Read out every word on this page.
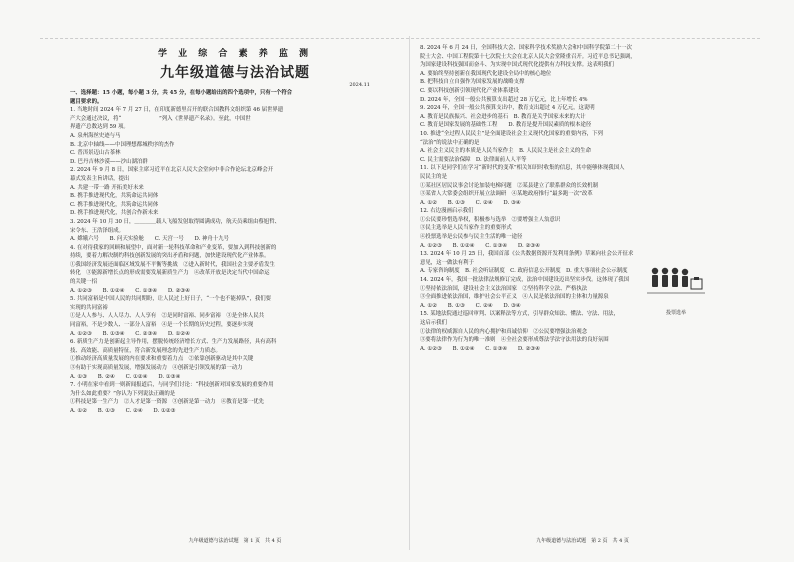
学 业 综 合 素 养 监 测
九年级道德与法治试题
2024.11
一、选择题：15 小题，每小题 3 分，共 45 分，在每小题给出的四个选项中，只有一个符合
题目要求的。
1. 当地时间 2024 年 7 月 27 日，在印度新德里召开的联合国教科文组织第 46 届世界遗
产大会通过决议，将“　　　　　　　”列入《世界遗产名录》。至此，中国世
界遗产总数达到 59 项。
A. 泉州海丝史迹与马
B. 北京中轴线——中国理想都城秩序的杰作
C. 普洱景迈山古茶林
D. 巴丹吉林沙漠——沙山湖泊群
2. 2024 年 9 月 8 日，国家主席习近平在北京人民大会堂向中非合作论坛北京峰会开
幕式发表主旨讲话，提出
A. 共建一带一路 开拓美好未来
B. 携手推进现代化，共筑命运共同体
C. 携手推进现代化，共筑命运共同体
D. 携手推进现代化，共创合作新未来
3. 2024 年 10 月 30 日，＿＿＿＿载人飞船发射取得圆满成功，航天员乘组由蔡旭哲、
宋令东、王浩泽组成。
A. 嫦娥六号　　B. 问天实验舱　　C. 天宫一号　　D. 神舟十九号
4. 在对待我家的回顾和展望中，面对新一轮科技革命和产业变革，要加入到科技创新的
持续，要着力解决制约科技创新发展的突出矛盾和问题，加快建设现代化产业体系。
①我国经济发展还面临区域发展不平衡等挑战　②进入新时代，我国社会主要矛盾发生
转化　③能源新增长点的形成需要发展新质生产力　④改革开放是决定当代中国命运
的关键一招
A. ①②③　　B. ①②④　　C. ①③④　　D. ②③④
5. 共同富裕是中国人民的共同期盼，让人民过上好日子，“一个也不能掉队”，我们要
实现的共同富裕
①是人人参与、人人尽力、人人享有　②是同时富裕、同步富裕　③是全体人民共
同富裕，不是少数人、一部分人富裕　④是一个长期的历史过程，要逐步实现
A. ①②③　　B. ①③④　　C. ②③④　　D. ①②④
6. 新质生产力是创新起主导作用，摆脱传统经济增长方式、生产力发展路径，具有高科
技、高效能、高质量特征，符合新发展理念的先进生产力质态。
①推动经济高质量发展的内在要求和重要着力点　②依靠创新驱动是其中关键
③有助于实现高质量发展，增强发展动力　④创新是引领发展的第一动力
A. ①③　　B. ②④　　C. ①②④　　D. ①③④
7. 小明在家中看到一则新闻报道后，与同学们讨论：“科技创新对国家发展的重要作用
为什么如此重要？”你认为下列说法正确的是
①科技是第一生产力　②人才是第一资源　③创新是第一动力　④教育是第一优先
A. ①②　　B. ①③　　C. ②④　　D. ①②③
九年级道德与法治试题　第 1 页　共 4 页
8. 2024 年 6 月 24 日，全国科技大会、国家科学技术奖励大会和中国科学院第二十一次
院士大会、中国工程院第十七次院士大会在北京人民大会堂隆重召开。习近平总书记强调，
为国家建设科技强国而奋斗、为实现中国式现代化提供有力科技支撑。这表明我们
A. 要始终坚持创新在我国现代化建设全局中的核心地位
B. 把科技自立自强作为国家发展的战略支撑
C. 要以科技创新引领现代化产业体系建设
D. 2024 年，全国一般公共预算支出超过 28 万亿元，比上年增长 4%
9. 2024 年，全国一般公共预算支出中，教育支出超过 4 万亿元，这说明
A. 教育是民族振兴、社会进步的基石　B. 教育是关乎国家未来的大计
C. 教育是国家发展的基础性工程　　D. 教育是提升国民素质的根本途径
10. 推进“全过程人民民主”是全面建设社会主义现代化国家的重要内容，下列
“法治”的说法中正确的是
A. 社会主义民主的本质是人民当家作主　B. 人民民主是社会主义的生命
C. 民主需要法治保障　D. 法律面前人人平等
11. 以下是同学们在学习“新时代的变革”相关知识时收集的信息，其中能够体现我国人
民民主的是
①某社区居民议事会讨论加装电梯问题　②某县建立了联系群众的长效机制
③某省人大常委会组织开展立法调研　④某地政府推行“最多跑一次”改革
A. ①②　　B. ①③　　C. ②④　　D. ③④
12. 右边漫画启示我们
①公民要珍惜选举权，积极参与选举　②要增强主人翁意识
③民主选举是人民当家作主的重要形式
④投票选举是公民参与民主生活的唯一途径
A. ①②③　　B. ①②④　　C. ①③④　　D. ②③④
13. 2024 年 10 月 25 日，我国首部《公共数据资源开发利用条例》草案向社会公开征求
意见，这一做法有利于
A. 专家咨询制度　B. 社会听证制度　C. 政府信息公开制度　D. 重大事项社会公示制度
14. 2024 年，我国一批法律法规修订完成，法治中国建设迈出坚实步伐。这体现了我国
①坚持依法治国，建设社会主义法治国家　②坚持科学立法、严格执法
③全面推进依法治国，维护社会公平正义　④人民是依法治国的主体和力量源泉
A. ①②　　B. ①③　　C. ②④　　D. ③④
15. 某地法院通过巡回审判、以案释法等方式，引导群众知法、懂法、守法、用法，
这启示我们
①法律的权威源自人民的内心拥护和真诚信仰　②公民要增强法治观念
③要将法律作为行为的唯一准则　④全社会要形成尊法学法守法用法的良好氛围
A. ①②③　　B. ①②④　　C. ①③④　　D. ②③④
投票选举
九年级道德与法治试题　第 2 页　共 4 页
